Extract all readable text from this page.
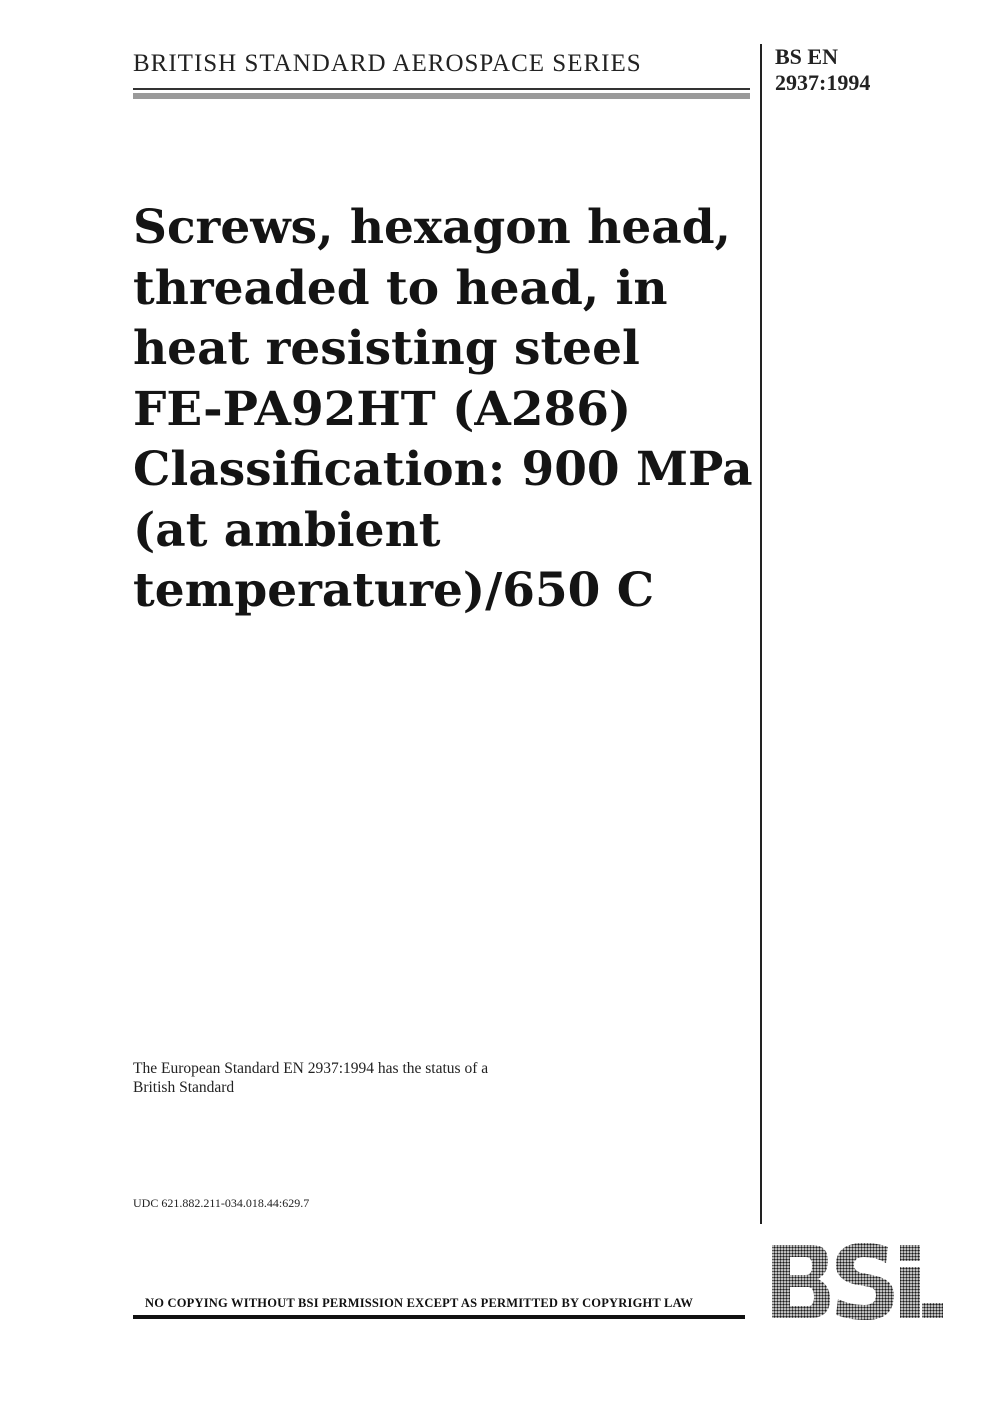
BRITISH STANDARD AEROSPACE SERIES	BS EN
2937:1994
Screws, hexagon head,
threaded to head, in
heat resisting steel
FE-PA92HT (A286)
Classification: 900 MPa
(at ambient
temperature)/650 C
The European Standard EN 2937:1994 has the status of a
British Standard
UDC 621.882.211-034.018.44:629.7
NO COPYING WITHOUT BSI PERMISSION EXCEPT AS PERMITTED BY COPYRIGHT LAW
